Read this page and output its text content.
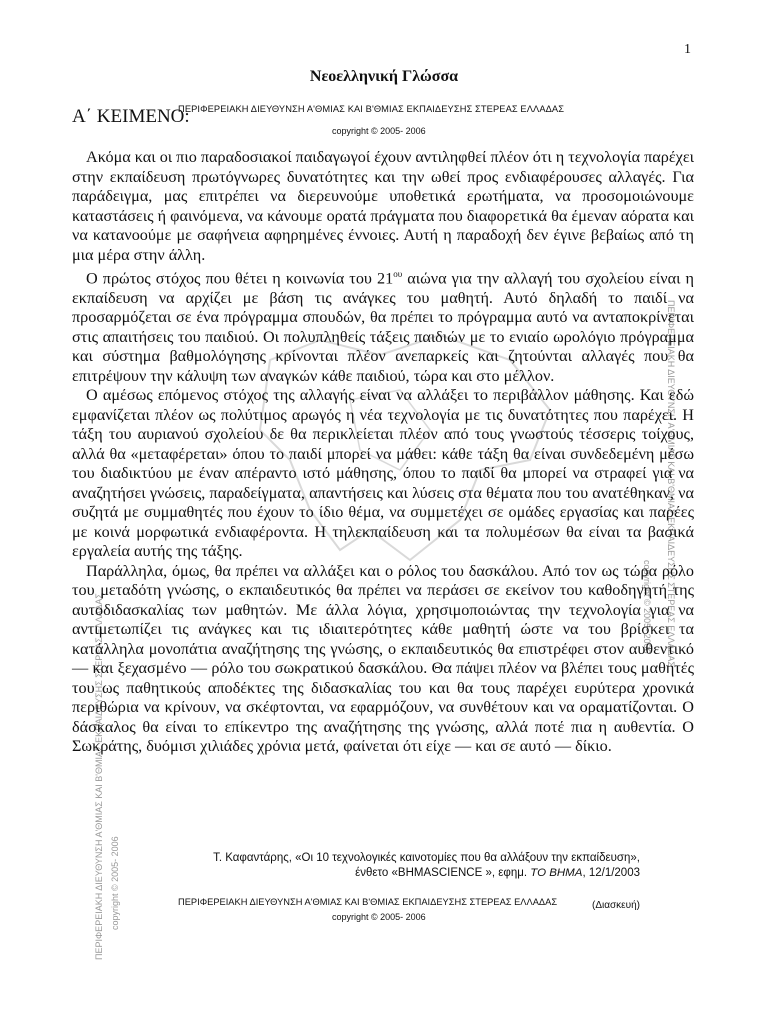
1
Νεοελληνική Γλώσσα
Α΄ ΚΕΙΜΕΝΟ:
ΠΕΡΙΦΕΡΕΙΑΚΗ ΔΙΕΥΘΥΝΣΗ Α'ΘΜΙΑΣ ΚΑΙ Β'ΘΜΙΑΣ ΕΚΠΑΙΔΕΥΣΗΣ ΣΤΕΡΕΑΣ ΕΛΛΑΔΑΣ
copyright © 2005- 2006
ΠΕΡΙΦΕΡΕΙΑΚΗ ΔΙΕΥΘΥΝΣΗ Α'ΘΜΙΑΣ ΚΑΙ Β'ΘΜΙΑΣ ΕΚΠΑΙΔΕΥΣΗΣ ΣΤΕΡΕΑΣ ΕΛΛΑΔΑΣ copyright © 2005- 2006
ΠΕΡΙΦΕΡΕΙΑΚΗ ΔΙΕΥΘΥΝΣΗ Α'ΘΜΙΑΣ ΚΑΙ Β'ΘΜΙΑΣ ΕΚΠΑΙΔΕΥΣΗΣ ΣΤΕΡΕΑΣ ΕΛΛΑΔΑΣ
copyright © 2005- 2006

Ακόμα και οι πιο παραδοσιακοί παιδαγωγοί έχουν αντιληφθεί πλέον ότι η τεχνολογία παρέχει στην εκπαίδευση πρωτόγνωρες δυνατότητες και την ωθεί προς ενδιαφέρουσες αλλαγές. Για παράδειγμα, μας επιτρέπει να διερευνούμε υποθετικά ερωτήματα, να προσομοιώνουμε καταστάσεις ή φαινόμενα, να κάνουμε ορατά πράγματα που διαφορετικά θα έμεναν αόρατα και να κατανοούμε με σαφήνεια αφηρημένες έννοιες. Αυτή η παραδοχή δεν έγινε βεβαίως από τη μια μέρα στην άλλη.

Ο πρώτος στόχος που θέτει η κοινωνία του $21^{o\upsilon}$ αιώνα για την αλλαγή του σχολείου είναι η εκπαίδευση να αρχίζει με βάση τις ανάγκες του μαθητή. Αυτό δηλαδή το παιδί να προσαρμόζεται σε ένα πρόγραμμα σπουδών, θα πρέπει το πρόγραμμα αυτό να ανταποκρίνεται στις απαιτήσεις του παιδιού. Οι πολυπληθείς τάξεις παιδιών με το ενιαίο ωρολόγιο πρόγραμμα και σύστημα βαθμολόγησης κρίνονται πλέον ανεπαρκείς και ζητούνται αλλαγές που θα επιτρέψουν την κάλυψη των αναγκών κάθε παιδιού, τώρα και στο μέλλον.

Ο αμέσως επόμενος στόχος της αλλαγής είναι να αλλάξει το περιβάλλον μάθησης. Και εδώ εμφανίζεται πλέον ως πολύτιμος αρωγός η νέα τεχνολογία με τις δυνατότητες που παρέχει. Η τάξη του αυριανού σχολείου δε θα περικλείεται πλέον από τους γνωστούς τέσσερις τοίχους, αλλά θα «μεταφέρεται» όπου το παιδί μπορεί να μάθει: κάθε τάξη θα είναι συνδεδεμένη μέσω του διαδικτύου με έναν απέραντο ιστό μάθησης, όπου το παιδί θα μπορεί να στραφεί για να αναζητήσει γνώσεις, παραδείγματα, απαντήσεις και λύσεις στα θέματα που του ανατέθηκαν, να συζητά με συμμαθητές που έχουν το ίδιο θέμα, να συμμετέχει σε ομάδες εργασίας και παρέες με κοινά μορφωτικά ενδιαφέροντα. Η τηλεκπαίδευση και τα πολυμέσων θα είναι τα βασικά εργαλεία αυτής της τάξης.

Παράλληλα, όμως, θα πρέπει να αλλάξει και ο ρόλος του δασκάλου. Από τον ως τώρα ρόλο του μεταδότη γνώσης, ο εκπαιδευτικός θα πρέπει να περάσει σε εκείνον του καθοδηγητή της αυτοδιδασκαλίας των μαθητών. Με άλλα λόγια, χρησιμοποιώντας την τεχνολογία για να αντιμετωπίζει τις ανάγκες και τις ιδιαιτερότητες κάθε μαθητή ώστε να του βρίσκει τα κατάλληλα μονοπάτια αναζήτησης της γνώσης, ο εκπαιδευτικός θα επιστρέφει στον αυθεντικό — και ξεχασμένο — ρόλο του σωκρατικού δασκάλου. Θα πάψει πλέον να βλέπει τους μαθητές του ως παθητικούς αποδέκτες της διδασκαλίας του και θα τους παρέχει ευρύτερα χρονικά περιθώρια να κρίνουν, να σκέφτονται, να εφαρμόζουν, να συνθέτουν και να οραματίζονται. Ο δάσκαλος θα είναι το επίκεντρο της αναζήτησης της γνώσης, αλλά ποτέ πια η αυθεντία. Ο Σωκράτης, δυόμισι χιλιάδες χρόνια μετά, φαίνεται ότι είχε — και σε αυτό — δίκιο.

Τ. Καφαντάρης, «Οι 10 τεχνολογικές καινοτομίες που θα αλλάξουν την εκπαίδευση»,
ένθετο «BHMASCIENCE », εφημ. ΤΟ ΒΗΜΑ, 12/1/2003
ΠΕΡΙΦΕΡΕΙΑΚΗ ΔΙΕΥΘΥΝΣΗ Α'ΘΜΙΑΣ ΚΑΙ Β'ΘΜΙΑΣ ΕΚΠΑΙΔΕΥΣΗΣ ΣΤΕΡΕΑΣ ΕΛΛΑΔΑΣ	(Διασκευή)
copyright © 2005- 2006
